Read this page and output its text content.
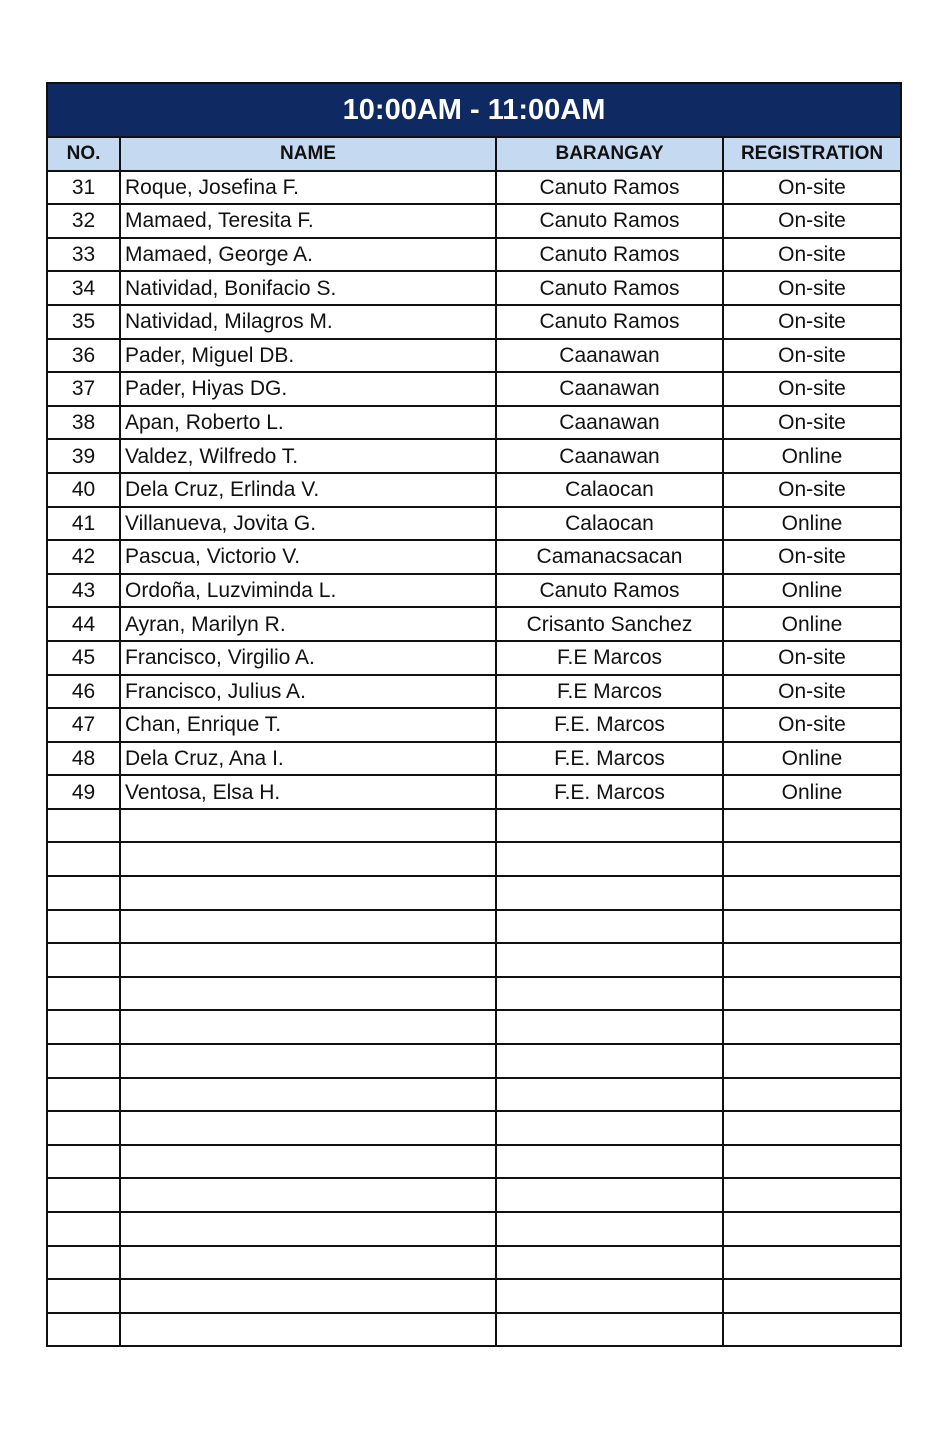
10:00AM - 11:00AM			
NO.	NAME	BARANGAY	REGISTRATION
31	Roque, Josefina F.	Canuto Ramos	On-site
32	Mamaed, Teresita F.	Canuto Ramos	On-site
33	Mamaed, George A.	Canuto Ramos	On-site
34	Natividad, Bonifacio S.	Canuto Ramos	On-site
35	Natividad, Milagros M.	Canuto Ramos	On-site
36	Pader, Miguel DB.	Caanawan	On-site
37	Pader, Hiyas DG.	Caanawan	On-site
38	Apan, Roberto L.	Caanawan	On-site
39	Valdez, Wilfredo T.	Caanawan	Online
40	Dela Cruz, Erlinda V.	Calaocan	On-site
41	Villanueva, Jovita G.	Calaocan	Online
42	Pascua, Victorio V.	Camanacsacan	On-site
43	Ordoña, Luzviminda L.	Canuto Ramos	Online
44	Ayran, Marilyn R.	Crisanto Sanchez	Online
45	Francisco, Virgilio A.	F.E Marcos	On-site
46	Francisco, Julius A.	F.E Marcos	On-site
47	Chan, Enrique T.	F.E. Marcos	On-site
48	Dela Cruz, Ana I.	F.E. Marcos	Online
49	Ventosa, Elsa H.	F.E. Marcos	Online
